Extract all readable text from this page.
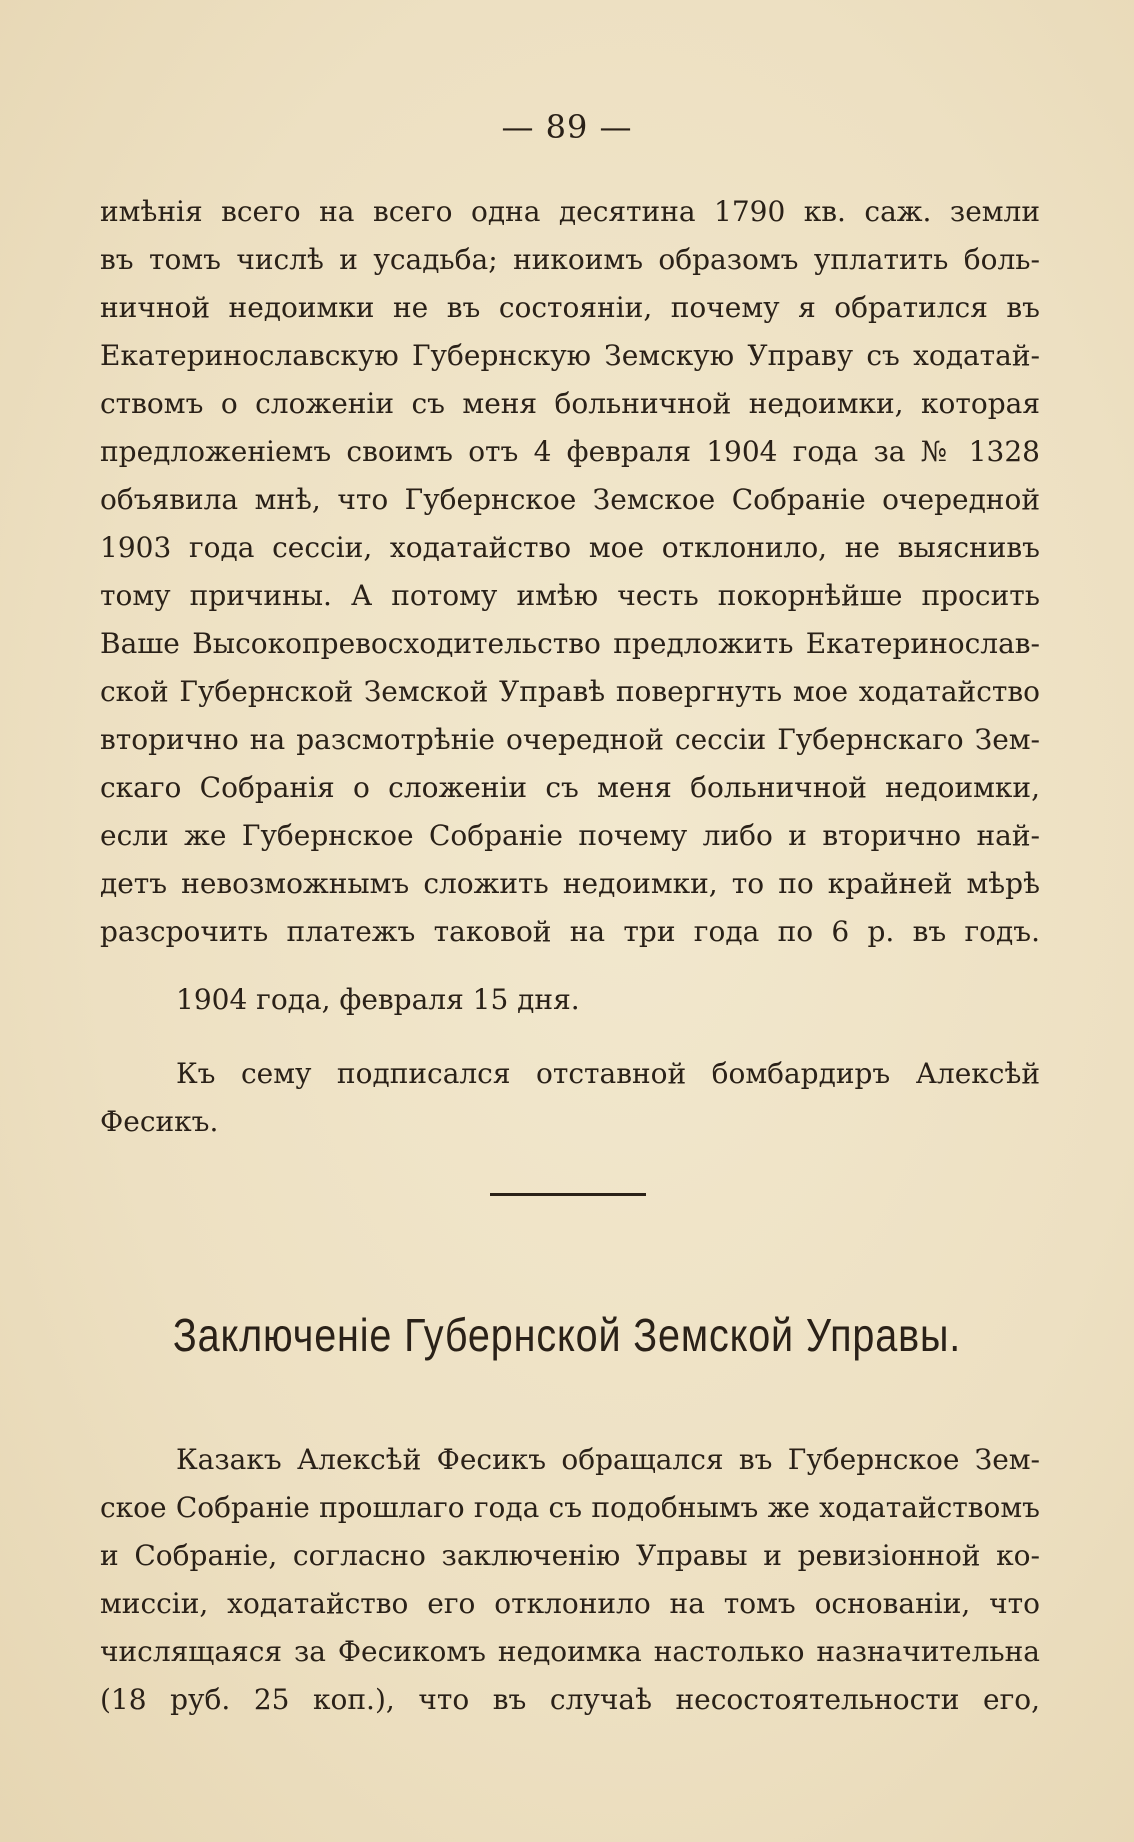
— 89 —
имѣнія всего на всего одна десятина 1790 кв. саж. земли
въ томъ числѣ и усадьба; никоимъ образомъ уплатить боль-
ничной недоимки не въ состояніи, почему я обратился въ
Екатеринославскую Губернскую Земскую Управу съ ходатай-
ствомъ о сложеніи съ меня больничной недоимки, которая
предложеніемъ своимъ отъ 4 февраля 1904 года за № 1328
объявила мнѣ, что Губернское Земское Собраніе очередной
1903 года сессіи, ходатайство мое отклонило, не выяснивъ
тому причины. А потому имѣю честь покорнѣйше просить
Ваше Высокопревосходительство предложить Екатеринослав-
ской Губернской Земской Управѣ повергнуть мое ходатайство
вторично на разсмотрѣніе очередной сессіи Губернскаго Зем-
скаго Собранія о сложеніи съ меня больничной недоимки,
если же Губернское Собраніе почему либо и вторично най-
детъ невозможнымъ сложить недоимки, то по крайней мѣрѣ
разсрочить платежъ таковой на три года по 6 р. въ годъ.
1904 года, февраля 15 дня.
Къ сему подписался отставной бомбардиръ Алексѣй
Фесикъ.
Заключеніе Губернской Земской Управы.
Казакъ Алексѣй Фесикъ обращался въ Губернское Зем-
ское Собраніе прошлаго года съ подобнымъ же ходатайствомъ
и Собраніе, согласно заключенію Управы и ревизіонной ко-
миссіи, ходатайство его отклонило на томъ основаніи, что
числящаяся за Фесикомъ недоимка настолько назначительна
(18 руб. 25 коп.), что въ случаѣ несостоятельности его,
